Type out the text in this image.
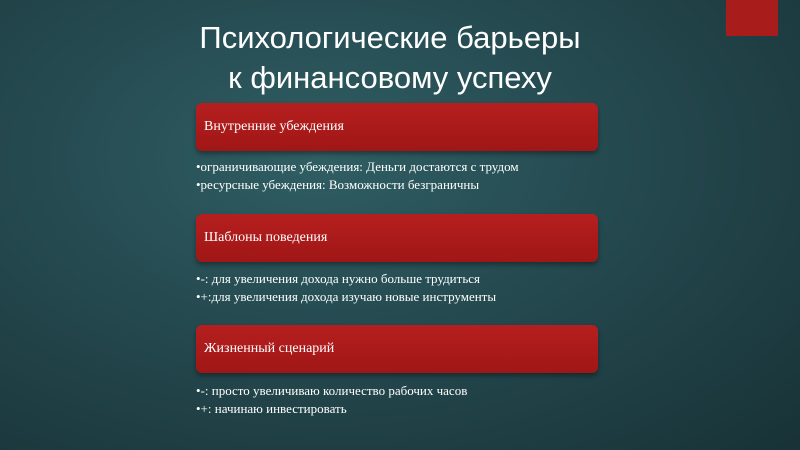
Психологические барьеры
к финансовому успеху
Внутренние убеждения
•ограничивающие убеждения: Деньги достаются с трудом
•ресурсные убеждения: Возможности безграничны
Шаблоны поведения
•-: для увеличения дохода нужно больше трудиться
•+:для увеличения дохода изучаю новые инструменты
Жизненный сценарий
•-: просто увеличиваю количество рабочих часов
•+: начинаю инвестировать
